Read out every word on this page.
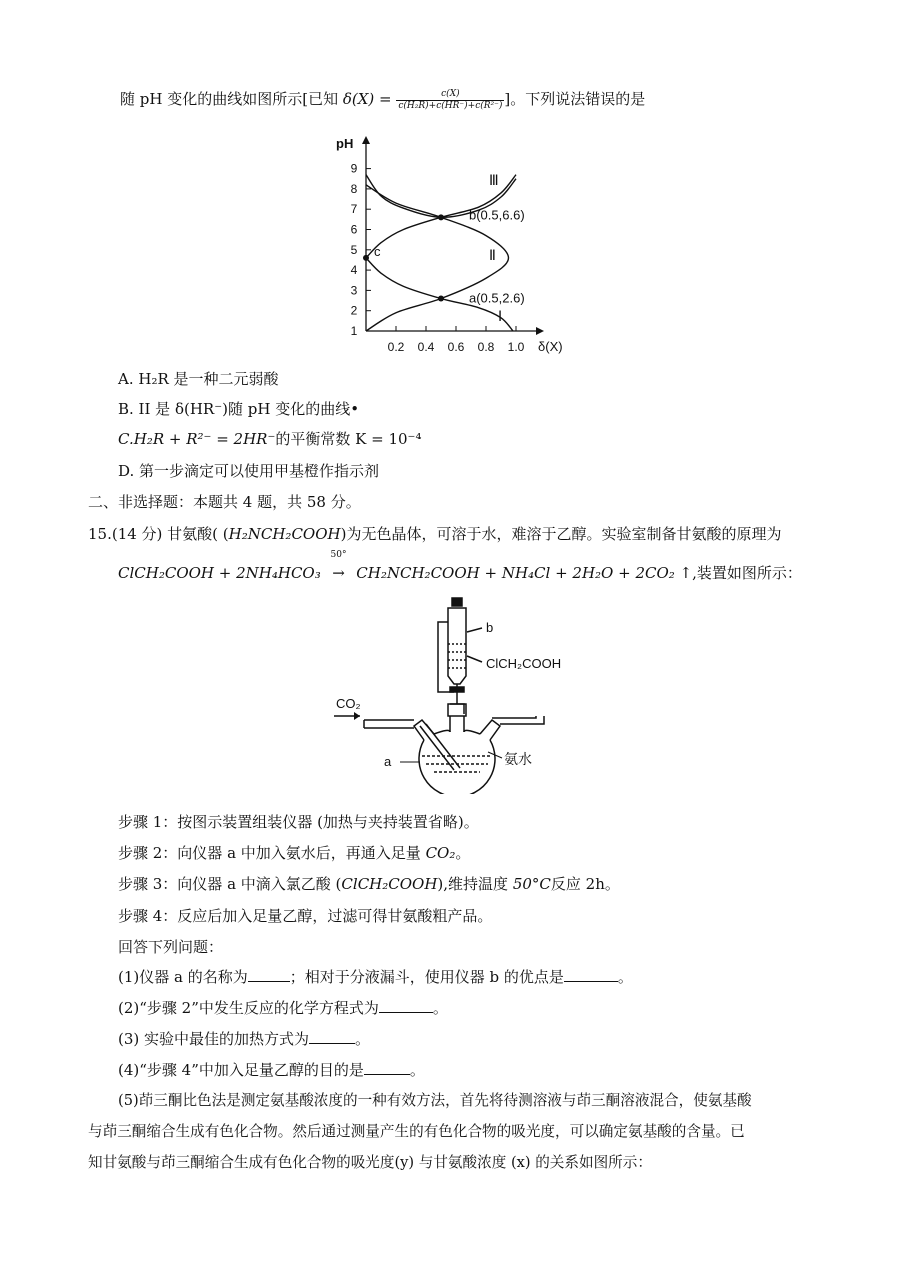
随 pH 变化的曲线如图所示[已知 $\delta(X) = \frac{c(X)}{\text{c(H₂R)+c(HR⁻)+c(R²⁻)}}$ ]。下列说法错误的是
pH
δ(X)
1
2
3
4
5
6
7
8
9
0.2 0.4 0.6 0.8 1.0
a(0.5,2.6)
b(0.5,6.6)
c
Ⅰ
Ⅱ
Ⅲ
A. H₂R 是一种二元弱酸
B. II 是 δ(HR⁻)随 pH 变化的曲线•
C.H₂R + R²⁻ = 2HR⁻的平衡常数 K = 10⁻⁴
D. 第一步滴定可以使用甲基橙作指示剂
二、非选择题：本题共 4 题，共 58 分。
15.(14 分) 甘氨酸( (H₂NCH₂COOH)为无色晶体，可溶于水，难溶于乙醇。实验室制备甘氨酸的原理为
ClCH₂COOH + 2NH₄HCO₃
50°
→ CH₂NCH₂COOH + NH₄Cl + 2H₂O + 2CO₂ ↑,装置如图所示：
b
ClCH₂COOH
CO₂
a	氨水
步骤 1：按图示装置组装仪器 (加热与夹持装置省略)。
步骤 2：向仪器 a 中加入氨水后，再通入足量 CO₂。
步骤 3：向仪器 a 中滴入氯乙酸 (ClCH₂COOH),维持温度 50°C反应 2h。
步骤 4：反应后加入足量乙醇，过滤可得甘氨酸粗产品。
回答下列问题：
(1)仪器 a 的名称为	；相对于分液漏斗，使用仪器 b 的优点是	。
(2)“步骤 2”中发生反应的化学方程式为	。
(3) 实验中最佳的加热方式为	。
(4)“步骤 4”中加入足量乙醇的目的是	。
(5)茚三酮比色法是测定氨基酸浓度的一种有效方法，首先将待测溶液与茚三酮溶液混合，使氨基酸
与茚三酮缩合生成有色化合物。然后通过测量产生的有色化合物的吸光度，可以确定氨基酸的含量。已
知甘氨酸与茚三酮缩合生成有色化合物的吸光度(y) 与甘氨酸浓度 (x) 的关系如图所示：
